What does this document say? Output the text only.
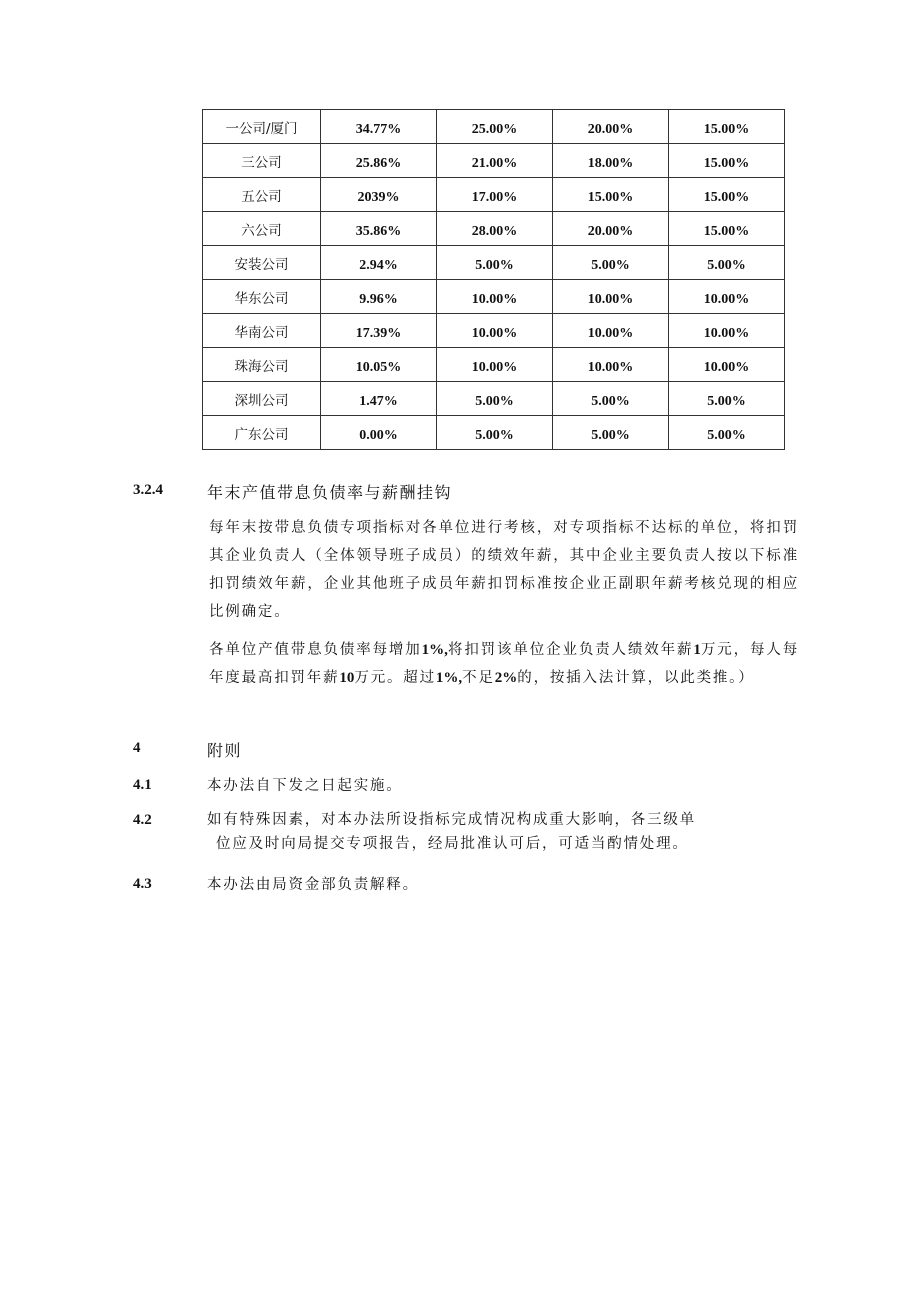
一公司/厦门	34.77%	25.00%	20.00%	15.00%
三公司	25.86%	21.00%	18.00%	15.00%
五公司	2039%	17.00%	15.00%	15.00%
六公司	35.86%	28.00%	20.00%	15.00%
安装公司	2.94%	5.00%	5.00%	5.00%
华东公司	9.96%	10.00%	10.00%	10.00%
华南公司	17.39%	10.00%	10.00%	10.00%
珠海公司	10.05%	10.00%	10.00%	10.00%
深圳公司	1.47%	5.00%	5.00%	5.00%
广东公司	0.00%	5.00%	5.00%	5.00%
3.2.4	年末产值带息负债率与薪酬挂钩
每年末按带息负债专项指标对各单位进行考核，对专项指标不达标的单位，将扣罚其企业负责人（全体领导班子成员）的绩效年薪，其中企业主要负责人按以下标准扣罚绩效年薪，企业其他班子成员年薪扣罚标准按企业正副职年薪考核兑现的相应比例确定。
各单位产值带息负债率每增加1%,将扣罚该单位企业负责人绩效年薪1万元，每人每年度最高扣罚年薪10万元。超过1%,不足2%的，按插入法计算，以此类推。）
4	附则
4.1	本办法自下发之日起实施。
4.2	如有特殊因素，对本办法所设指标完成情况构成重大影响，各三级单
位应及时向局提交专项报告，经局批准认可后，可适当酌情处理。
4.3	本办法由局资金部负责解释。
